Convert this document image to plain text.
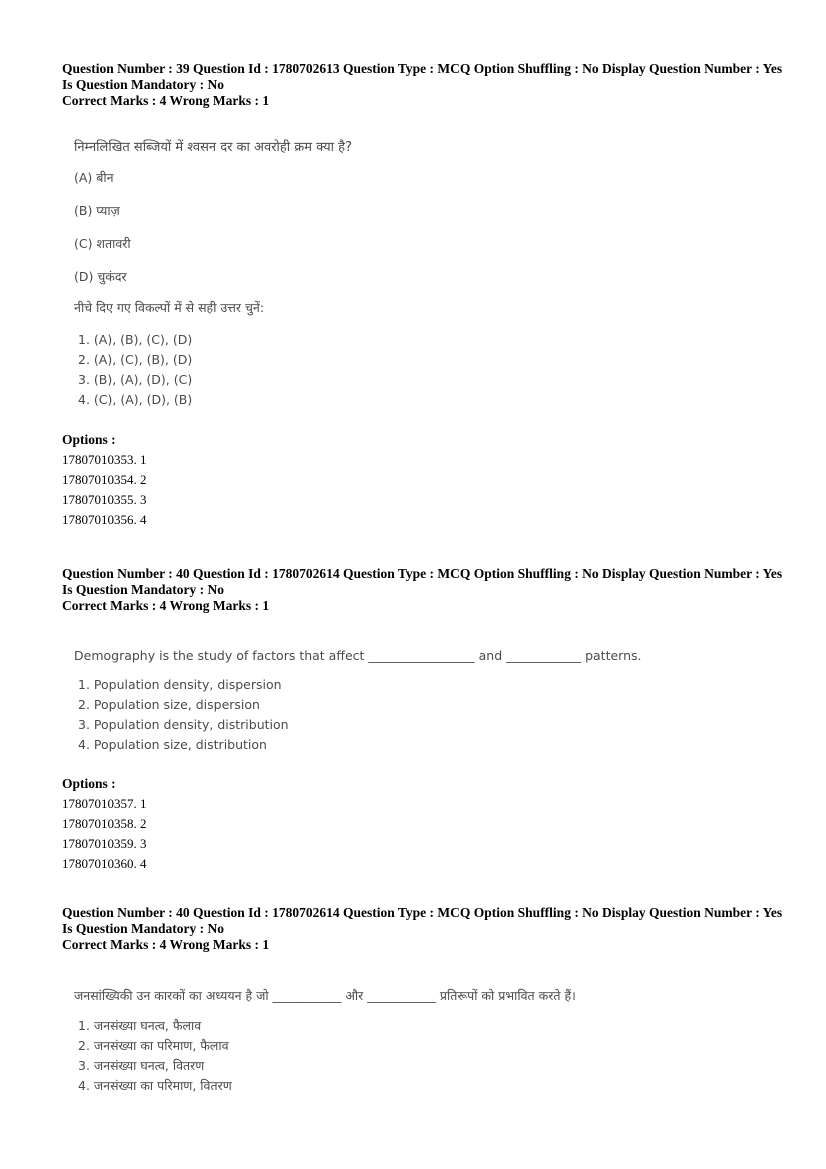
Question Number : 39 Question Id : 1780702613 Question Type : MCQ Option Shuffling : No Display Question Number : Yes
Is Question Mandatory : No
Correct Marks : 4 Wrong Marks : 1
निम्नलिखित सब्जियों में श्वसन दर का अवरोही क्रम क्या है?
(A) बीन
(B) प्याज़
(C) शतावरी
(D) चुकंदर
नीचे दिए गए विकल्पों में से सही उत्तर चुनें:
1. (A), (B), (C), (D)
2. (A), (C), (B), (D)
3. (B), (A), (D), (C)
4. (C), (A), (D), (B)
Options :
17807010353. 1
17807010354. 2
17807010355. 3
17807010356. 4
Question Number : 40 Question Id : 1780702614 Question Type : MCQ Option Shuffling : No Display Question Number : Yes
Is Question Mandatory : No
Correct Marks : 4 Wrong Marks : 1
Demography is the study of factors that affect _________________ and ____________ patterns.
1. Population density, dispersion
2. Population size, dispersion
3. Population density, distribution
4. Population size, distribution
Options :
17807010357. 1
17807010358. 2
17807010359. 3
17807010360. 4
Question Number : 40 Question Id : 1780702614 Question Type : MCQ Option Shuffling : No Display Question Number : Yes
Is Question Mandatory : No
Correct Marks : 4 Wrong Marks : 1
जनसांख्यिकी उन कारकों का अध्ययन है जो ___________ और ___________ प्रतिरूपों को प्रभावित करते हैं।
1. जनसंख्या घनत्व, फैलाव
2. जनसंख्या का परिमाण, फैलाव
3. जनसंख्या घनत्व, वितरण
4. जनसंख्या का परिमाण, वितरण
